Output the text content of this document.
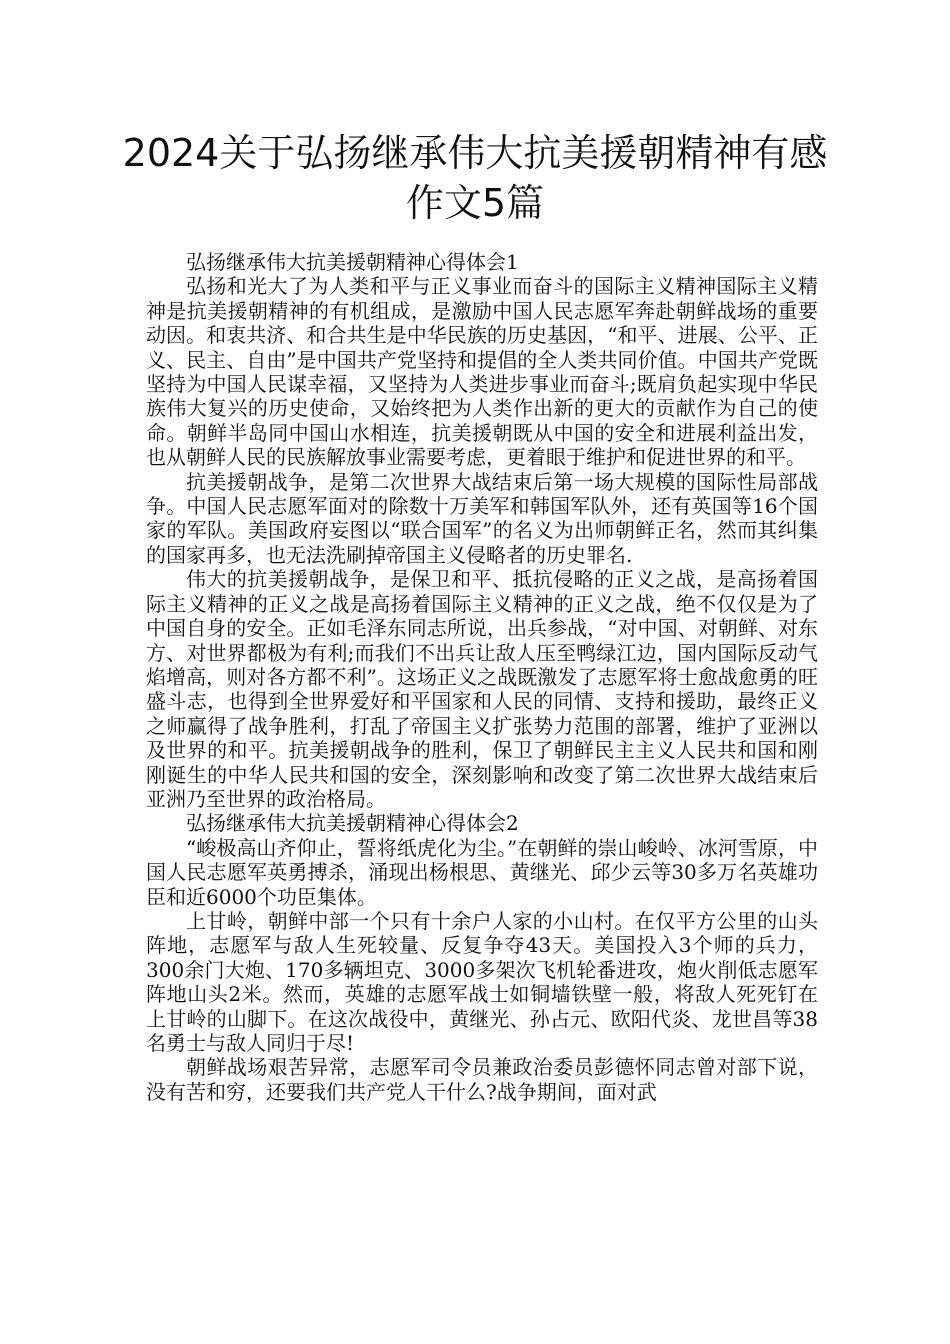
2024关于弘扬继承伟大抗美援朝精神有感作文5篇

弘扬继承伟大抗美援朝精神心得体会1

弘扬和光大了为人类和平与正义事业而奋斗的国际主义精神国际主义精神是抗美援朝精神的有机组成，是激励中国人民志愿军奔赴朝鲜战场的重要动因。和衷共济、和合共生是中华民族的历史基因，“和平、进展、公平、正义、民主、自由”是中国共产党坚持和提倡的全人类共同价值。中国共产党既坚持为中国人民谋幸福，又坚持为人类进步事业而奋斗;既肩负起实现中华民族伟大复兴的历史使命，又始终把为人类作出新的更大的贡献作为自己的使命。朝鲜半岛同中国山水相连，抗美援朝既从中国的安全和进展利益出发，也从朝鲜人民的民族解放事业需要考虑，更着眼于维护和促进世界的和平。

抗美援朝战争，是第二次世界大战结束后第一场大规模的国际性局部战争。中国人民志愿军面对的除数十万美军和韩国军队外，还有英国等16个国家的军队。美国政府妄图以“联合国军”的名义为出师朝鲜正名，然而其纠集的国家再多，也无法洗刷掉帝国主义侵略者的历史罪名.

伟大的抗美援朝战争，是保卫和平、抵抗侵略的正义之战，是高扬着国际主义精神的正义之战是高扬着国际主义精神的正义之战，绝不仅仅是为了中国自身的安全。正如毛泽东同志所说，出兵参战，“对中国、对朝鲜、对东方、对世界都极为有利;而我们不出兵让敌人压至鸭绿江边，国内国际反动气焰增高，则对各方都不利”。这场正义之战既激发了志愿军将士愈战愈勇的旺盛斗志，也得到全世界爱好和平国家和人民的同情、支持和援助，最终正义之师赢得了战争胜利，打乱了帝国主义扩张势力范围的部署，维护了亚洲以及世界的和平。抗美援朝战争的胜利，保卫了朝鲜民主主义人民共和国和刚刚诞生的中华人民共和国的安全，深刻影响和改变了第二次世界大战结束后亚洲乃至世界的政治格局。

弘扬继承伟大抗美援朝精神心得体会2

“峻极高山齐仰止，誓将纸虎化为尘。”在朝鲜的崇山峻岭、冰河雪原，中国人民志愿军英勇搏杀，涌现出杨根思、黄继光、邱少云等30多万名英雄功臣和近6000个功臣集体。

上甘岭，朝鲜中部一个只有十余户人家的小山村。在仅平方公里的山头阵地，志愿军与敌人生死较量、反复争夺43天。美国投入3个师的兵力，300余门大炮、170多辆坦克、3000多架次飞机轮番进攻，炮火削低志愿军阵地山头2米。然而，英雄的志愿军战士如铜墙铁壁一般，将敌人死死钉在上甘岭的山脚下。在这次战役中，黄继光、孙占元、欧阳代炎、龙世昌等38名勇士与敌人同归于尽!

朝鲜战场艰苦异常，志愿军司令员兼政治委员彭德怀同志曾对部下说，没有苦和穷，还要我们共产党人干什么?战争期间，面对武
